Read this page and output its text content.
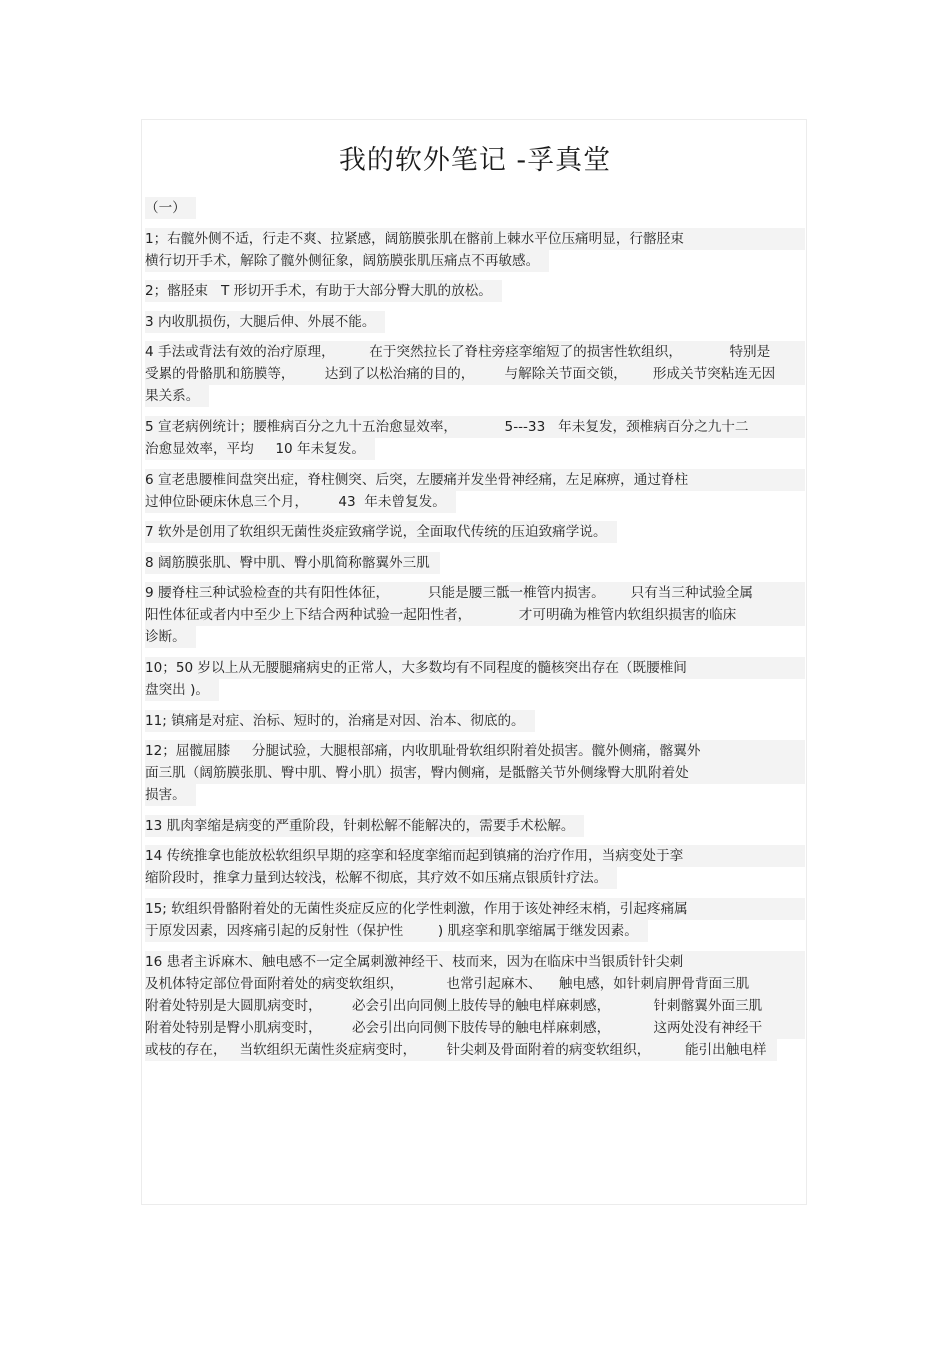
我的软外笔记 -孚真堂
（一）
1；右髋外侧不适，行走不爽、拉紧感，阔筋膜张肌在髂前上棘水平位压痛明显，行髂胫束
横行切开手术，解除了髋外侧征象，阔筋膜张肌压痛点不再敏感。
2；髂胫束   T 形切开手术，有助于大部分臀大肌的放松。
3 内收肌损伤，大腿后伸、外展不能。
4 手法或背法有效的治疗原理，        在于突然拉长了脊柱旁痉挛缩短了的损害性软组织，           特别是
受累的骨骼肌和筋膜等，       达到了以松治痛的目的，       与解除关节面交锁，      形成关节突粘连无因
果关系。
5 宣老病例统计；腰椎病百分之九十五治愈显效率，           5---33   年未复发，颈椎病百分之九十二
治愈显效率，平均     10 年未复发。
6 宣老患腰椎间盘突出症，脊柱侧突、后突，左腰痛并发坐骨神经痛，左足麻痹，通过脊柱
过伸位卧硬床休息三个月，       43  年未曾复发。
7 软外是创用了软组织无菌性炎症致痛学说，全面取代传统的压迫致痛学说。
8 阔筋膜张肌、臀中肌、臀小肌简称髂翼外三肌
9 腰脊柱三种试验检查的共有阳性体征，         只能是腰三骶一椎管内损害。      只有当三种试验全属
阳性体征或者内中至少上下结合两种试验一起阳性者，           才可明确为椎管内软组织损害的临床
诊断。
10；50 岁以上从无腰腿痛病史的正常人，大多数均有不同程度的髓核突出存在（既腰椎间
盘突出 )。
11; 镇痛是对症、治标、短时的，治痛是对因、治本、彻底的。
12；屈髋屈膝     分腿试验，大腿根部痛，内收肌耻骨软组织附着处损害。髋外侧痛，髂翼外
面三肌（阔筋膜张肌、臀中肌、臀小肌）损害，臀内侧痛，是骶髂关节外侧缘臀大肌附着处
损害。
13 肌肉挛缩是病变的严重阶段，针刺松解不能解决的，需要手术松解。
14 传统推拿也能放松软组织早期的痉挛和轻度挛缩而起到镇痛的治疗作用，当病变处于挛
缩阶段时，推拿力量到达较浅，松解不彻底，其疗效不如压痛点银质针疗法。
15; 软组织骨骼附着处的无菌性炎症反应的化学性刺激，作用于该处神经末梢，引起疼痛属
于原发因素，因疼痛引起的反射性（保护性        ) 肌痉挛和肌挛缩属于继发因素。
16 患者主诉麻木、触电感不一定全属刺激神经干、枝而来，因为在临床中当银质针针尖刺
及机体特定部位骨面附着处的病变软组织，          也常引起麻木、    触电感，如针刺肩胛骨背面三肌
附着处特别是大圆肌病变时，       必会引出向同侧上肢传导的触电样麻刺感，          针刺髂翼外面三肌
附着处特别是臀小肌病变时，       必会引出向同侧下肢传导的触电样麻刺感，          这两处没有神经干
或枝的存在，   当软组织无菌性炎症病变时，       针尖刺及骨面附着的病变软组织，        能引出触电样
